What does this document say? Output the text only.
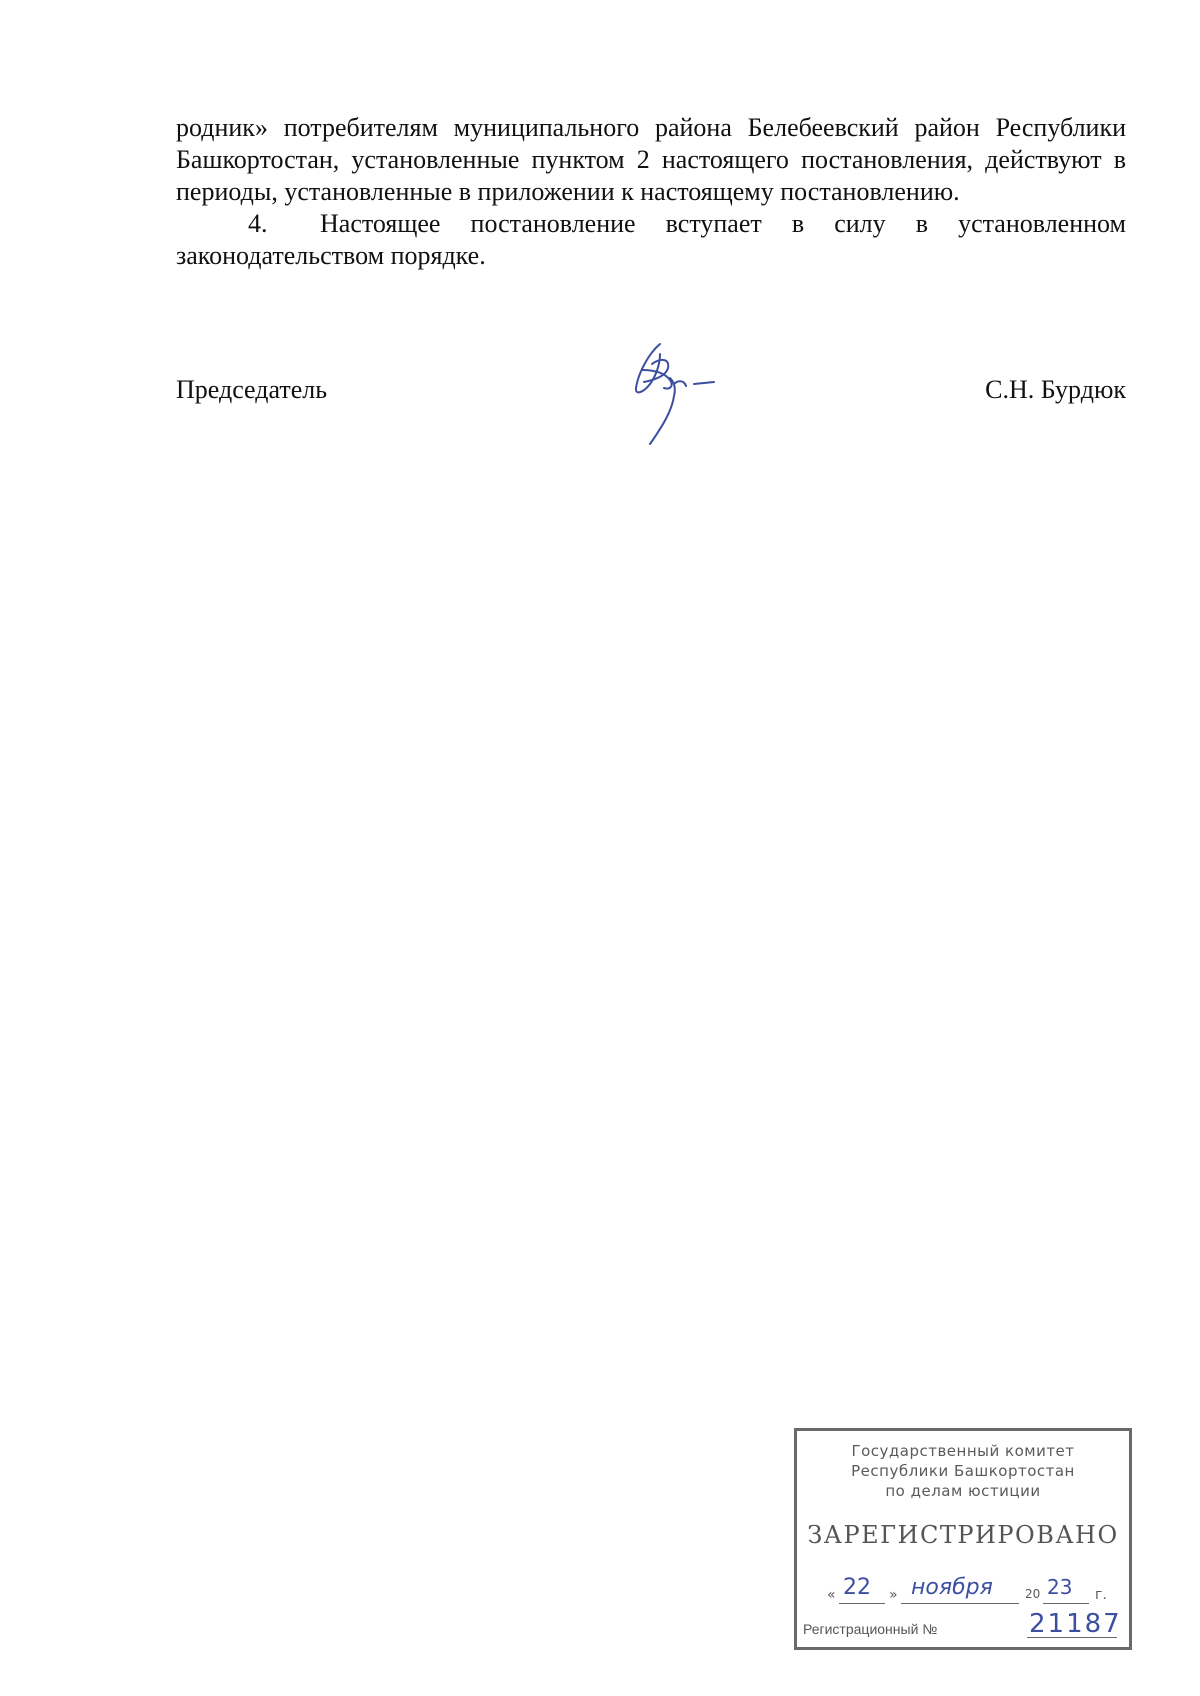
родник» потребителям муниципального района Белебеевский район Республики Башкортостан, установленные пунктом 2 настоящего постановления, действуют в периоды, установленные в приложении к настоящему постановлению.

4. Настоящее постановление вступает в силу в установленном законодательством порядке.

Председатель	С.Н. Бурдюк
Государственный комитет
Республики Башкортостан
по делам юстиции
ЗАРЕГИСТРИРОВАНО
« 22 » ноября	20 23 г.
Регистрационный №	21187
